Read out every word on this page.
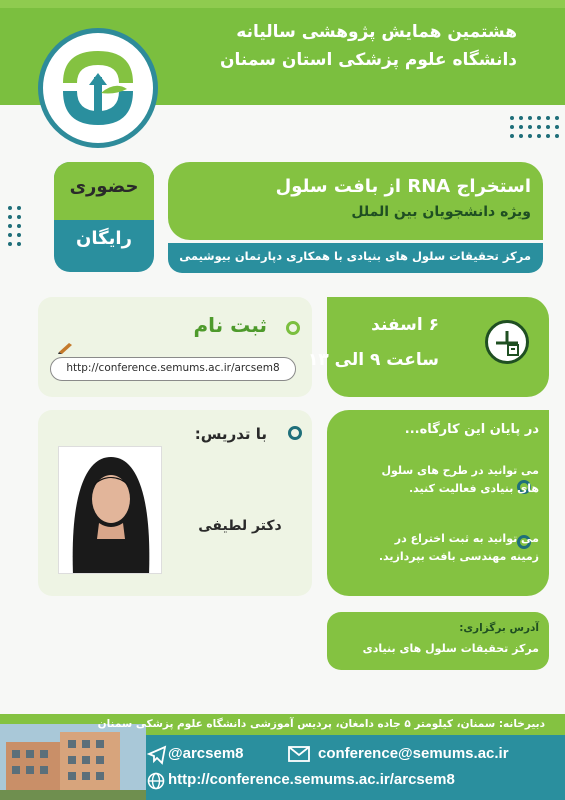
هشتمین همایش پژوهشی سالیانه
دانشگاه علوم پزشکی استان سمنان
حضوری
رایگان
استخراج RNA از بافت سلول
ویژه دانشجویان بین الملل
مرکز تحقیقات سلول های بنیادی با همکاری دپارتمان بیوشیمی
ثبت نام
http://conference.semums.ac.ir/arcsem8
۶ اسفند
ساعت ۹ الی ۱۳
با تدریس:
دکتر لطیفی
در پایان این کارگاه...
می توانید در طرح های سلول های بنیادی فعالیت کنید.
می توانید به ثبت اختراع در زمینه مهندسی بافت بپردازید.
آدرس برگزاری:
مرکز تحقیقات سلول های بنیادی
دبیرخانه: سمنان، کیلومتر ۵ جاده دامغان، پردیس آموزشی دانشگاه علوم پزشکی سمنان
@arcsem8	conference@semums.ac.ir
http://conference.semums.ac.ir/arcsem8
